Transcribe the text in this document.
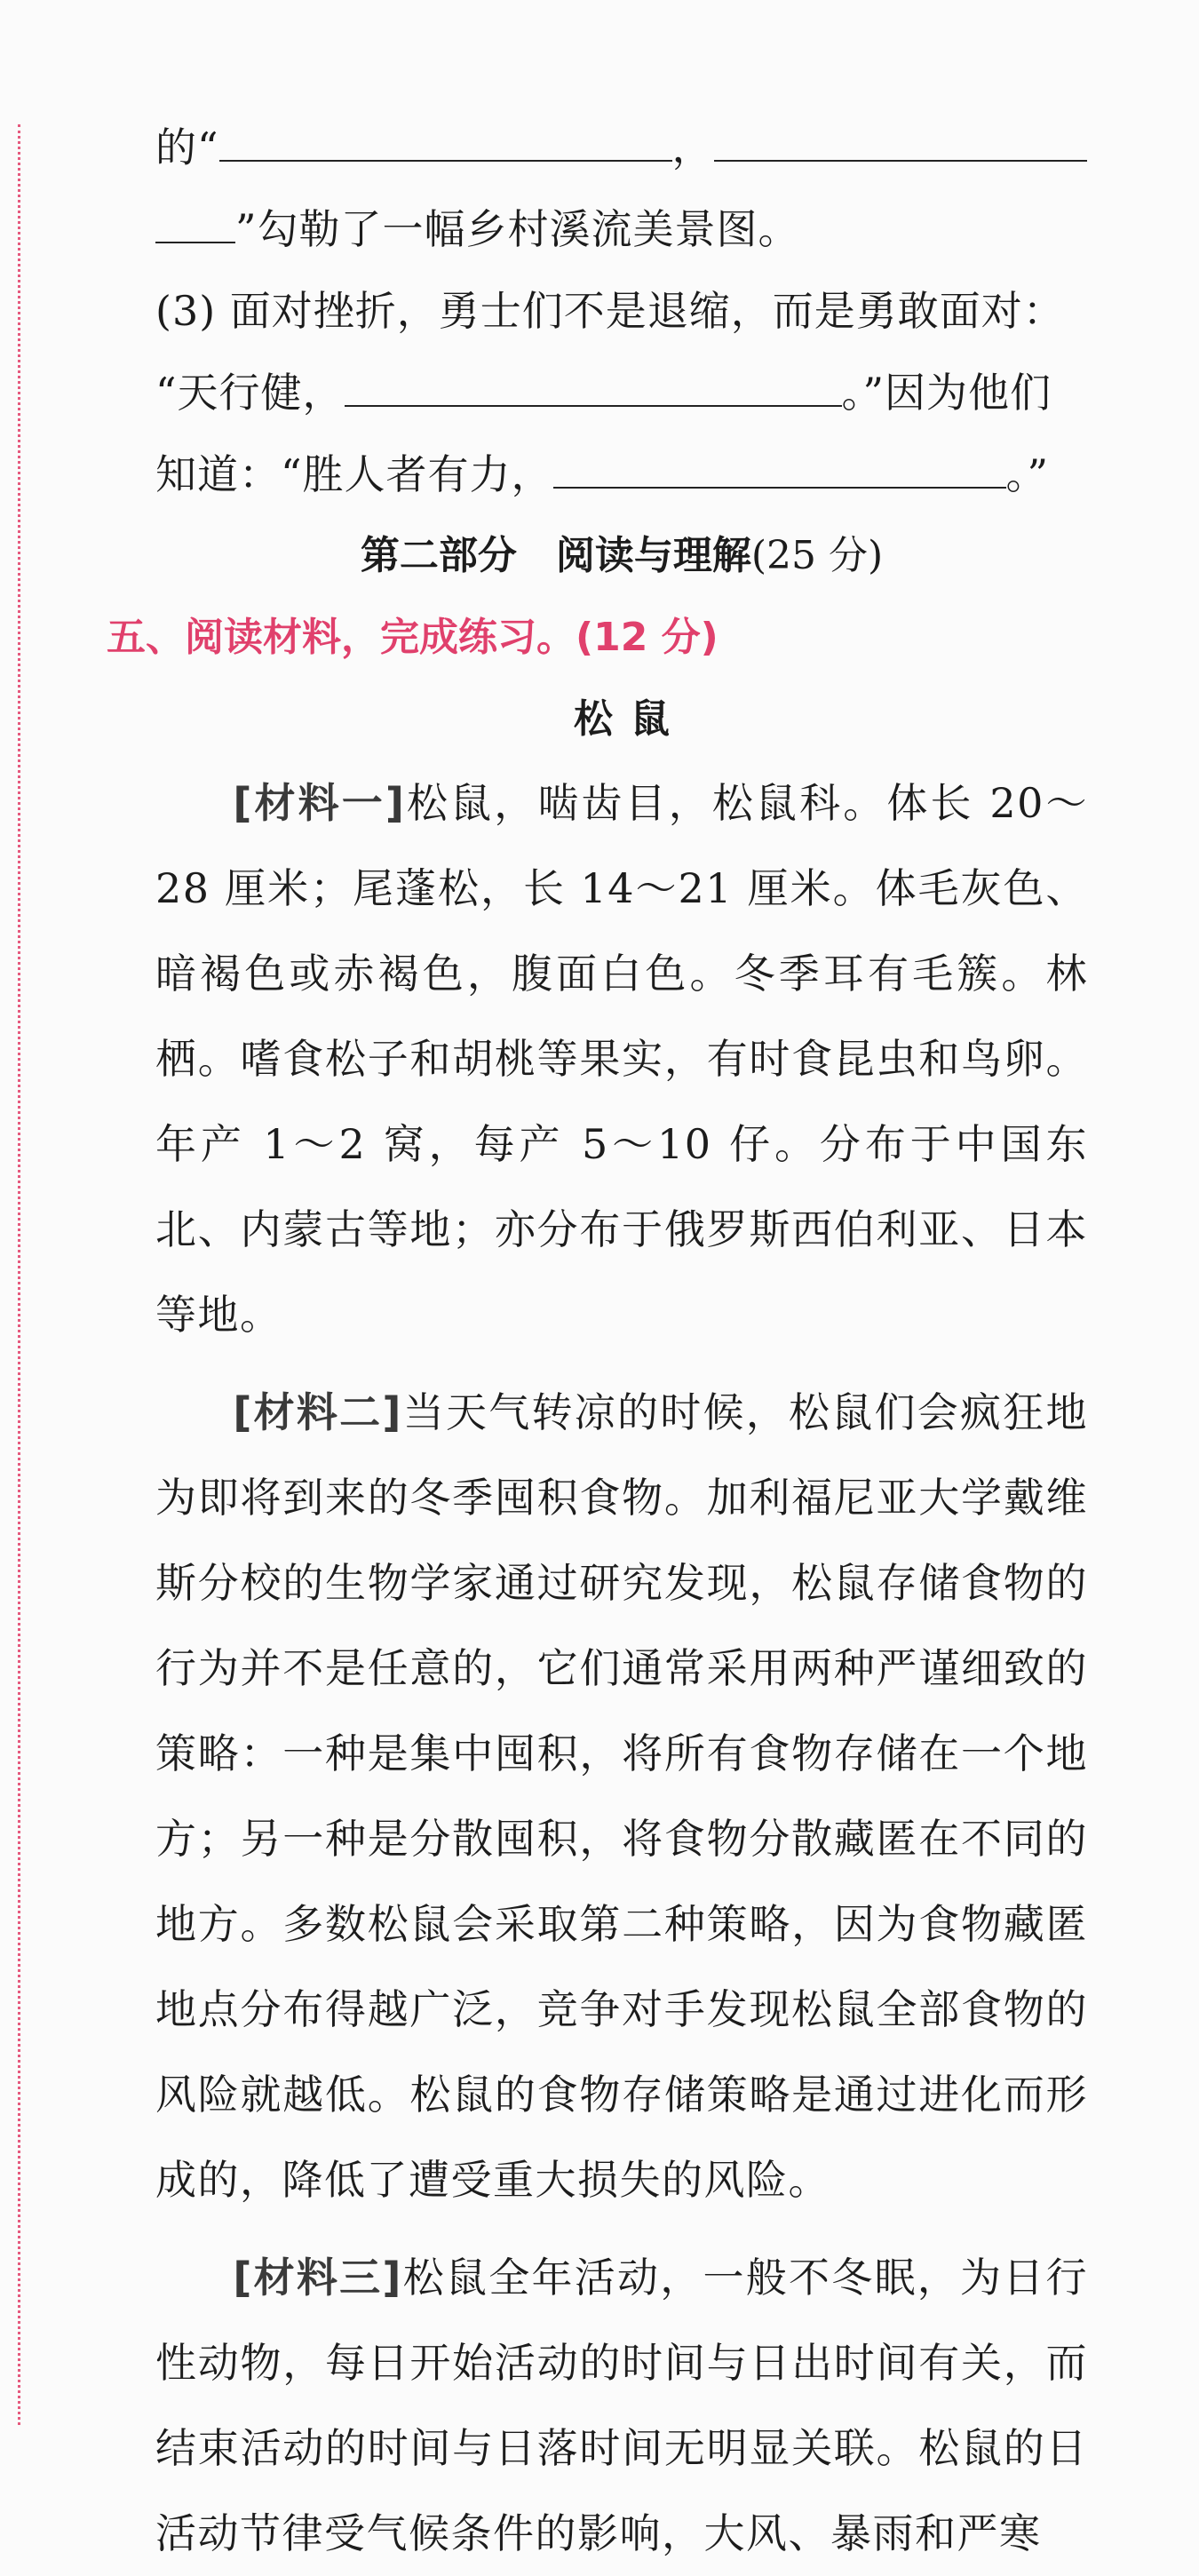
的“	，
”勾勒了一幅乡村溪流美景图。
(3) 面对挫折，勇士们不是退缩，而是勇敢面对：
“天行健，	。”因为他们
知道：“胜人者有力，	。”
第二部分　阅读与理解(25 分)
五、阅读材料，完成练习。(12 分)
松鼠
[材料一]松鼠，啮齿目，松鼠科。体长 20～28 厘米；尾蓬松，长 14～21 厘米。体毛灰色、暗褐色或赤褐色，腹面白色。冬季耳有毛簇。林栖。嗜食松子和胡桃等果实，有时食昆虫和鸟卵。年产 1～2 窝，每产 5～10 仔。分布于中国东北、内蒙古等地；亦分布于俄罗斯西伯利亚、日本等地。
[材料二]当天气转凉的时候，松鼠们会疯狂地为即将到来的冬季囤积食物。加利福尼亚大学戴维斯分校的生物学家通过研究发现，松鼠存储食物的行为并不是任意的，它们通常采用两种严谨细致的策略：一种是集中囤积，将所有食物存储在一个地方；另一种是分散囤积，将食物分散藏匿在不同的地方。多数松鼠会采取第二种策略，因为食物藏匿地点分布得越广泛，竞争对手发现松鼠全部食物的风险就越低。松鼠的食物存储策略是通过进化而形成的，降低了遭受重大损失的风险。
[材料三]松鼠全年活动，一般不冬眠，为日行性动物，每日开始活动的时间与日出时间有关，而结束活动的时间与日落时间无明显关联。松鼠的日活动节律受气候条件的影响，大风、暴雨和严寒
